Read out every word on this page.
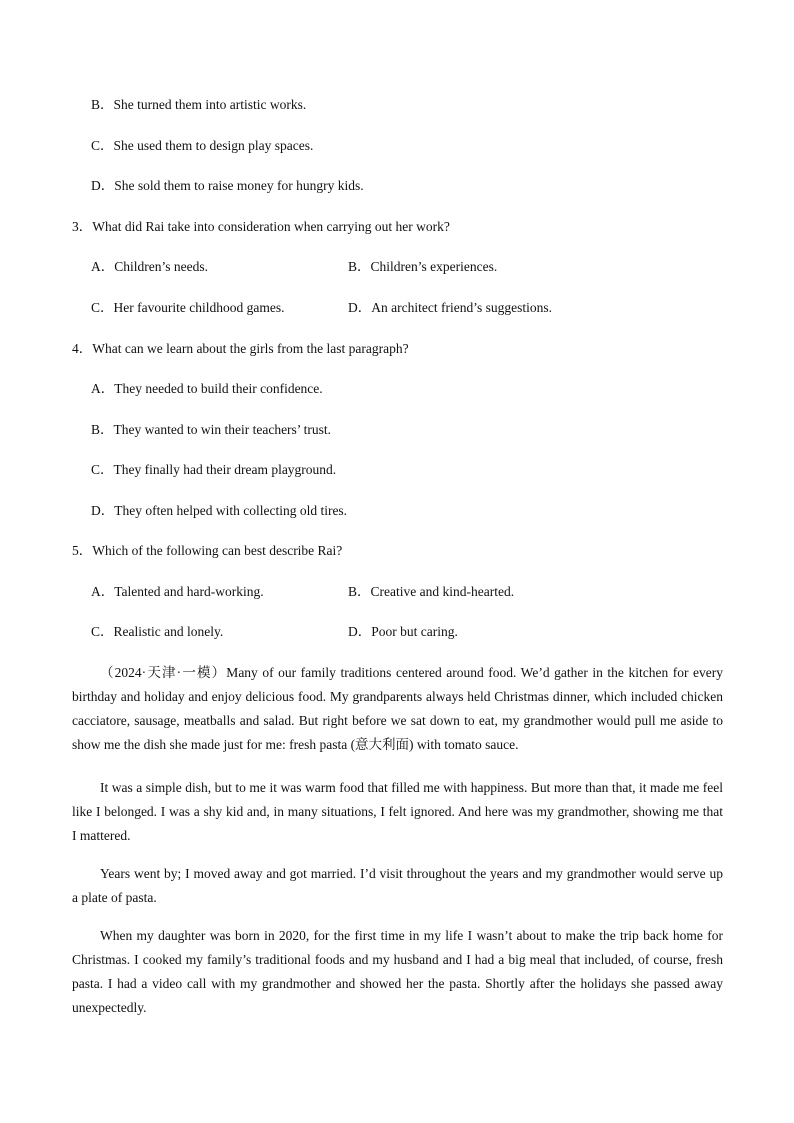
B．She turned them into artistic works.
C．She used them to design play spaces.
D．She sold them to raise money for hungry kids.
3．What did Rai take into consideration when carrying out her work?
A．Children’s needs.	B．Children’s experiences.
C．Her favourite childhood games.	D．An architect friend’s suggestions.
4．What can we learn about the girls from the last paragraph?
A．They needed to build their confidence.
B．They wanted to win their teachers’ trust.
C．They finally had their dream playground.
D．They often helped with collecting old tires.
5．Which of the following can best describe Rai?
A．Talented and hard-working.	B．Creative and kind-hearted.
C．Realistic and lonely.	D．Poor but caring.
（2024·天津·一模）Many of our family traditions centered around food. We’d gather in the kitchen for every birthday and holiday and enjoy delicious food. My grandparents always held Christmas dinner, which included chicken cacciatore, sausage, meatballs and salad. But right before we sat down to eat, my grandmother would pull me aside to show me the dish she made just for me: fresh pasta (意大利面) with tomato sauce.
It was a simple dish, but to me it was warm food that filled me with happiness. But more than that, it made me feel like I belonged. I was a shy kid and, in many situations, I felt ignored. And here was my grandmother, showing me that I mattered.
Years went by; I moved away and got married. I’d visit throughout the years and my grandmother would serve up a plate of pasta.
When my daughter was born in 2020, for the first time in my life I wasn’t about to make the trip back home for Christmas. I cooked my family’s traditional foods and my husband and I had a big meal that included, of course, fresh pasta. I had a video call with my grandmother and showed her the pasta. Shortly after the holidays she passed away unexpectedly.
